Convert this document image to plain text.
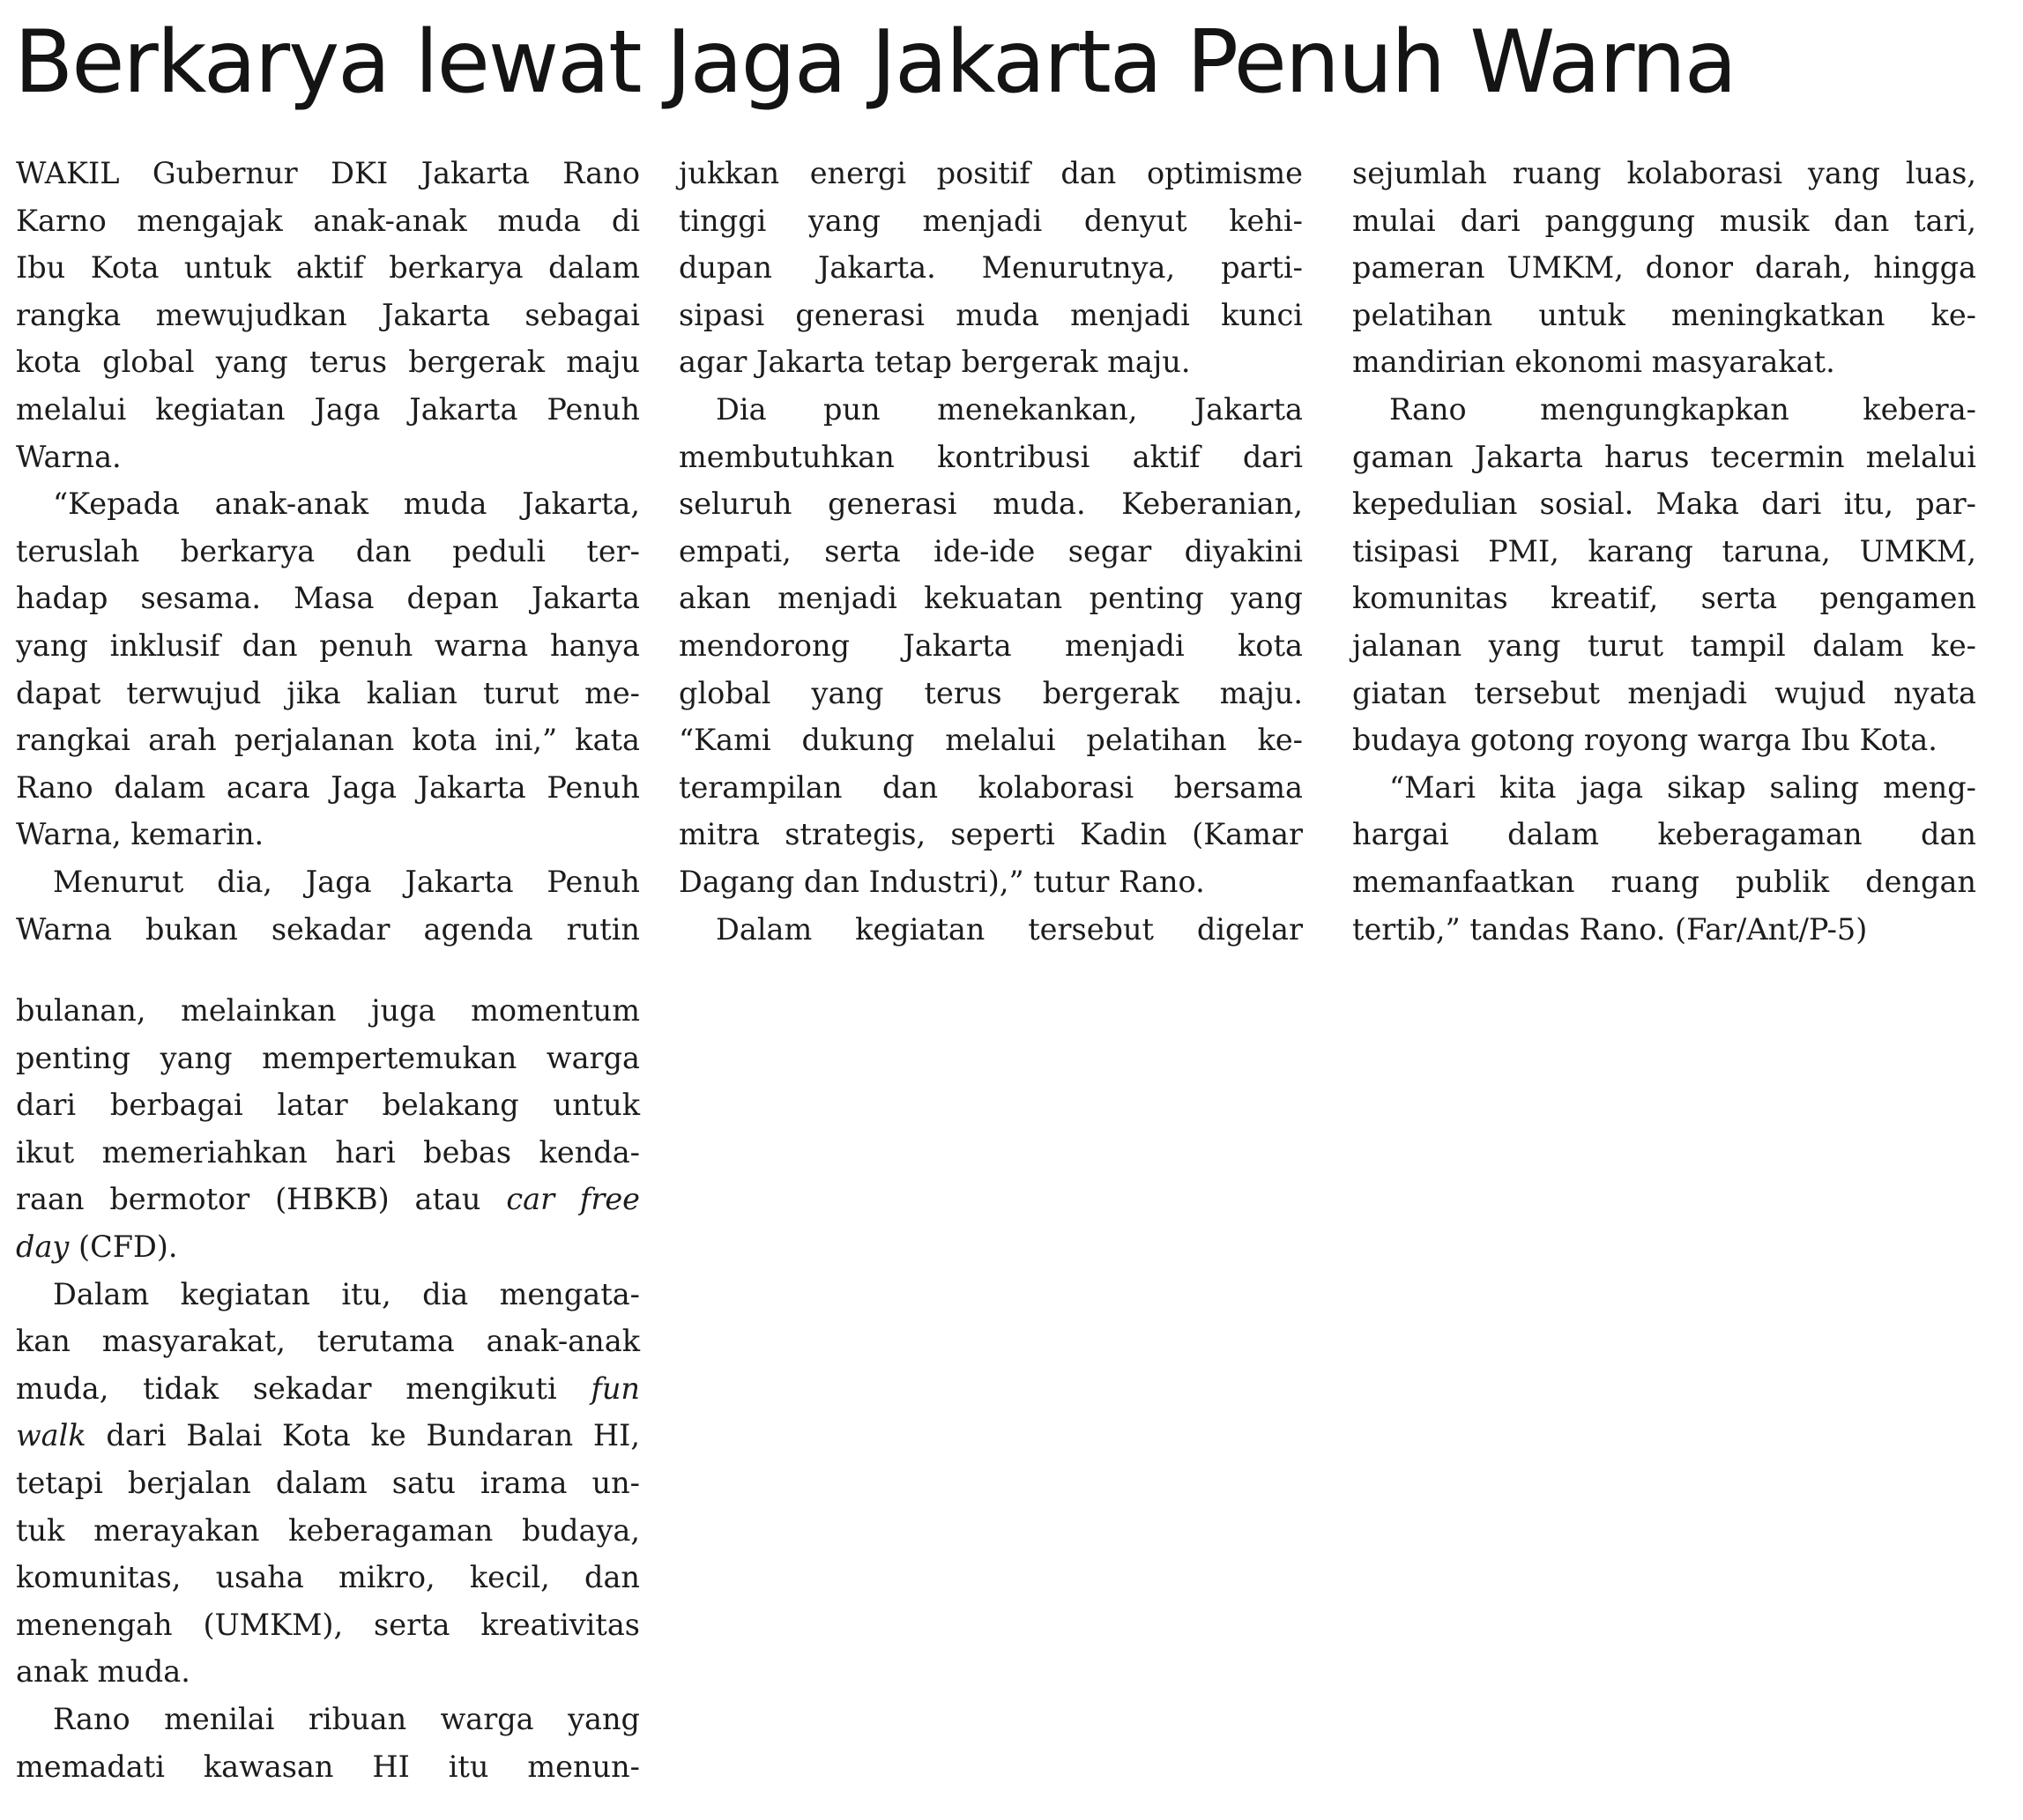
Berkarya lewat Jaga Jakarta Penuh Warna
WAKIL Gubernur DKI Jakarta Rano
Karno mengajak anak-anak muda di
Ibu Kota untuk aktif berkarya dalam
rangka mewujudkan Jakarta sebagai
kota global yang terus bergerak maju
melalui kegiatan Jaga Jakarta Penuh
Warna.
“Kepada anak-anak muda Jakarta,
teruslah berkarya dan peduli ter-
hadap sesama. Masa depan Jakarta
yang inklusif dan penuh warna hanya
dapat terwujud jika kalian turut me-
rangkai arah perjalanan kota ini,” kata
Rano dalam acara Jaga Jakarta Penuh
Warna, kemarin.
Menurut dia, Jaga Jakarta Penuh
Warna bukan sekadar agenda rutin
bulanan, melainkan juga momentum
penting yang mempertemukan warga
dari berbagai latar belakang untuk
ikut memeriahkan hari bebas kenda-
raan bermotor (HBKB) atau car free
day (CFD).
Dalam kegiatan itu, dia mengata-
kan masyarakat, terutama anak-anak
muda, tidak sekadar mengikuti fun
walk dari Balai Kota ke Bundaran HI,
tetapi berjalan dalam satu irama un-
tuk merayakan keberagaman budaya,
komunitas, usaha mikro, kecil, dan
menengah (UMKM), serta kreativitas
anak muda.
Rano menilai ribuan warga yang
memadati kawasan HI itu menun-
jukkan energi positif dan optimisme
tinggi yang menjadi denyut kehi-
dupan Jakarta. Menurutnya, parti-
sipasi generasi muda menjadi kunci
agar Jakarta tetap bergerak maju.
Dia pun menekankan, Jakarta
membutuhkan kontribusi aktif dari
seluruh generasi muda. Keberanian,
empati, serta ide-ide segar diyakini
akan menjadi kekuatan penting yang
mendorong Jakarta menjadi kota
global yang terus bergerak maju.
“Kami dukung melalui pelatihan ke-
terampilan dan kolaborasi bersama
mitra strategis, seperti Kadin (Kamar
Dagang dan Industri),” tutur Rano.
Dalam kegiatan tersebut digelar
sejumlah ruang kolaborasi yang luas,
mulai dari panggung musik dan tari,
pameran UMKM, donor darah, hingga
pelatihan untuk meningkatkan ke-
mandirian ekonomi masyarakat.
Rano mengungkapkan kebera-
gaman Jakarta harus tecermin melalui
kepedulian sosial. Maka dari itu, par-
tisipasi PMI, karang taruna, UMKM,
komunitas kreatif, serta pengamen
jalanan yang turut tampil dalam ke-
giatan tersebut menjadi wujud nyata
budaya gotong royong warga Ibu Kota.
“Mari kita jaga sikap saling meng-
hargai dalam keberagaman dan
memanfaatkan ruang publik dengan
tertib,” tandas Rano. (Far/Ant/P-5)
